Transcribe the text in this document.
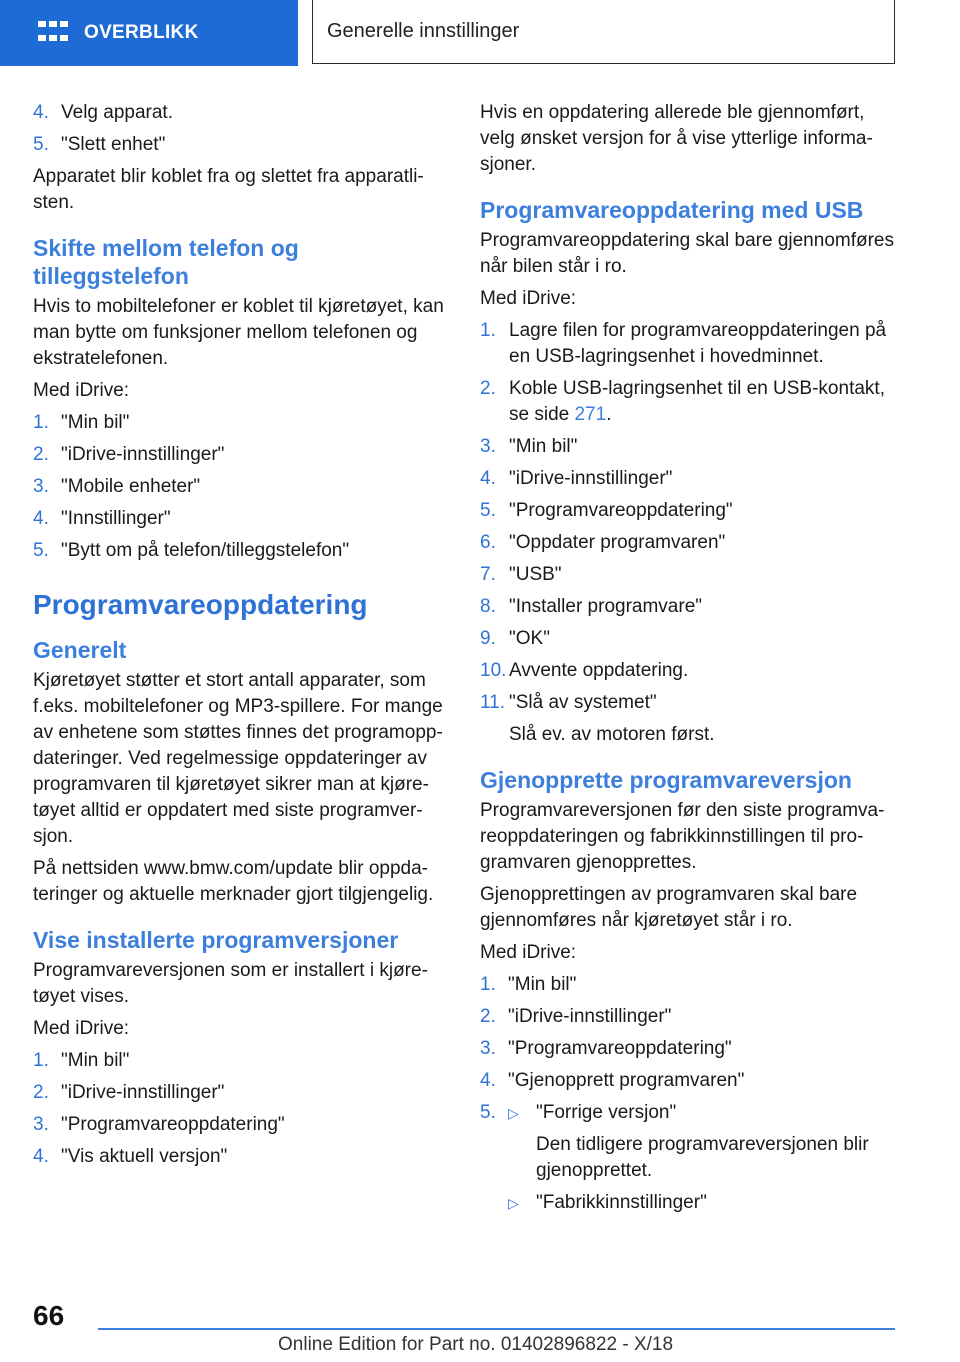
OVERBLIKK	Generelle innstillinger
4. Velg apparat.
5. "Slett enhet"

Apparatet blir koblet fra og slettet fra apparatli-sten.

Skifte mellom telefon og tilleggstelefon

Hvis to mobiltelefoner er koblet til kjøretøyet, kan man bytte om funksjoner mellom telefonen og ekstratelefonen.

Med iDrive:

1. "Min bil"
2. "iDrive-innstillinger"
3. "Mobile enheter"
4. "Innstillinger"
5. "Bytt om på telefon/tilleggstelefon"
Programvareoppdatering
Generelt

Kjøretøyet støtter et stort antall apparater, som f.eks. mobiltelefoner og MP3-spillere. For mange av enhetene som støttes finnes det programopp-dateringer. Ved regelmessige oppdateringer av programvaren til kjøretøyet sikrer man at kjøre-tøyet alltid er oppdatert med siste programver-sjon.

På nettsiden www.bmw.com/update blir oppda-teringer og aktuelle merknader gjort tilgjengelig.

Vise installerte programversjoner

Programvareversjonen som er installert i kjøre-tøyet vises.

Med iDrive:

1. "Min bil"
2. "iDrive-innstillinger"
3. "Programvareoppdatering"
4. "Vis aktuell versjon"

Hvis en oppdatering allerede ble gjennomført, velg ønsket versjon for å vise ytterlige informa-sjoner.

Programvareoppdatering med USB

Programvareoppdatering skal bare gjennomføres når bilen står i ro.

Med iDrive:

1. Lagre filen for programvareoppdateringen på en USB-lagringsenhet i hovedminnet.
2. Koble USB-lagringsenhet til en USB-kontakt, se side 271.
3. "Min bil"
4. "iDrive-innstillinger"
5. "Programvareoppdatering"
6. "Oppdater programvaren"
7. "USB"
8. "Installer programvare"
9. "OK"
10. Avvente oppdatering.
11. "Slå av systemet"
Slå ev. av motoren først.
Gjenopprette programvareversjon

Programvareversjonen før den siste programva-reoppdateringen og fabrikkinnstillingen til pro-gramvaren gjenopprettes.

Gjenopprettingen av programvaren skal bare gjennomføres når kjøretøyet står i ro.

Med iDrive:

1. "Min bil"
2. "iDrive-innstillinger"
3. "Programvareoppdatering"
4. "Gjenopprett programvaren"
5. ▷ "Forrige versjon"
Den tidligere programvareversjonen blir gjenopprettet.
▷ "Fabrikkinnstillinger"
66
Online Edition for Part no. 01402896822 - X/18
